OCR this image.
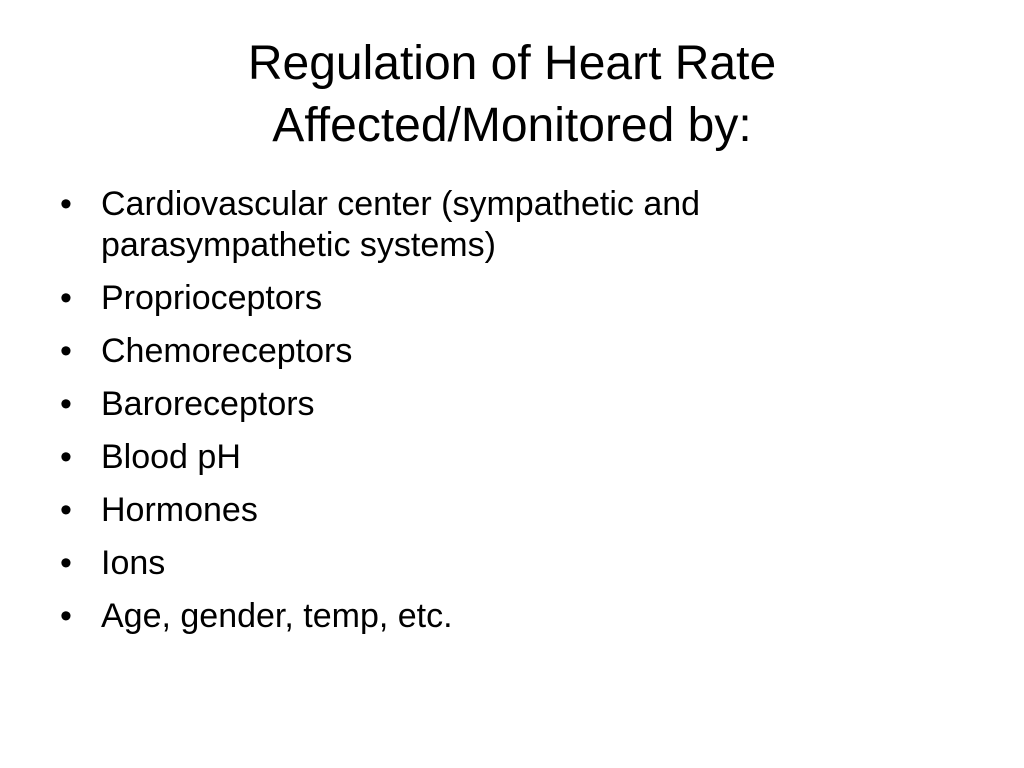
Regulation of Heart Rate
Affected/Monitored by:
• Cardiovascular center (sympathetic and
parasympathetic systems)
• Proprioceptors
• Chemoreceptors
• Baroreceptors
• Blood pH
• Hormones
• Ions
• Age, gender, temp, etc.
